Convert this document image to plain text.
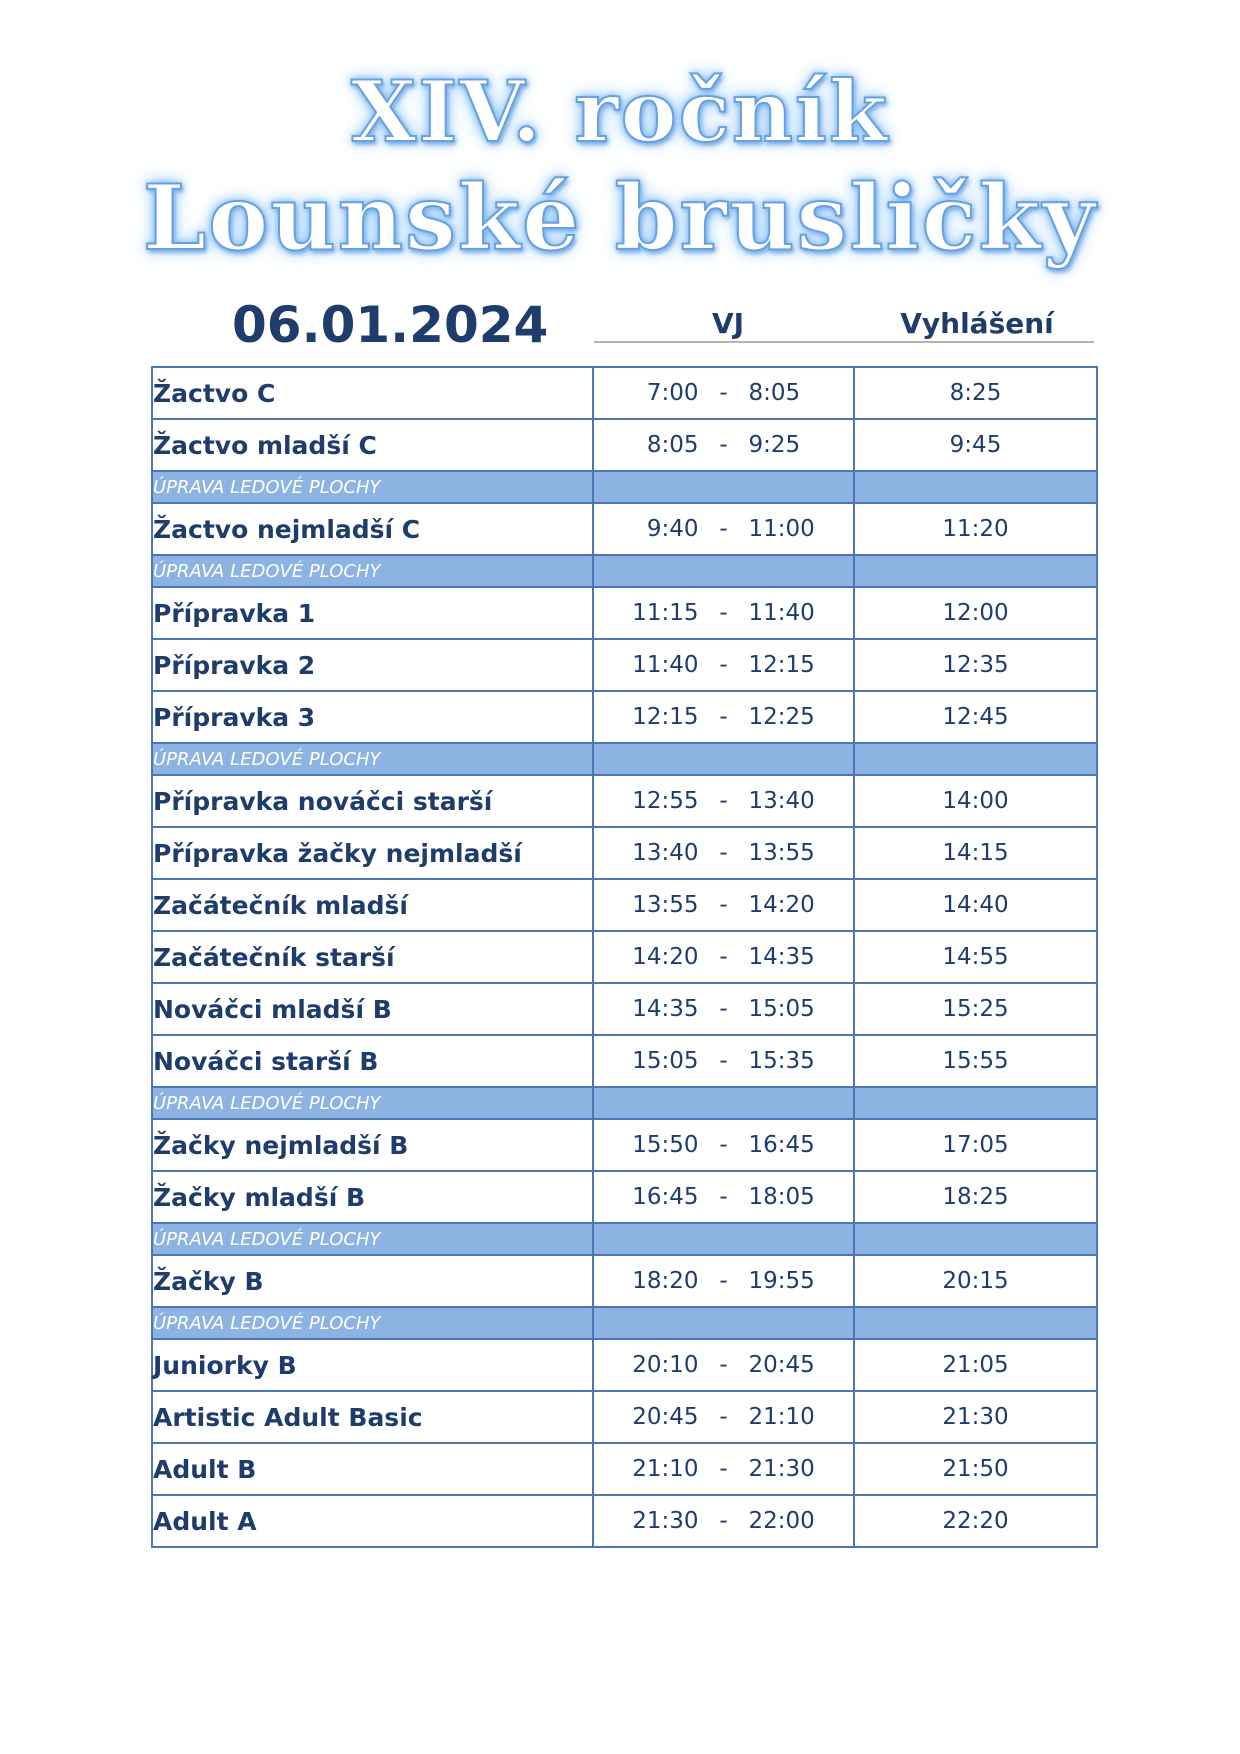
XIV. ročník
Lounské brusličky
06.01.2024	VJ	Vyhlášení
Žactvo C	7:00 - 8:05	8:25
Žactvo mladší C	8:05 - 9:25	9:45
ÚPRAVA LEDOVÉ PLOCHY		
Žactvo nejmladší C	9:40 - 11:00	11:20
ÚPRAVA LEDOVÉ PLOCHY		
Přípravka 1	11:15 - 11:40	12:00
Přípravka 2	11:40 - 12:15	12:35
Přípravka 3	12:15 - 12:25	12:45
ÚPRAVA LEDOVÉ PLOCHY		
Přípravka nováčci starší	12:55 - 13:40	14:00
Přípravka žačky nejmladší	13:40 - 13:55	14:15
Začátečník mladší	13:55 - 14:20	14:40
Začátečník starší	14:20 - 14:35	14:55
Nováčci mladší B	14:35 - 15:05	15:25
Nováčci starší B	15:05 - 15:35	15:55
ÚPRAVA LEDOVÉ PLOCHY		
Žačky nejmladší B	15:50 - 16:45	17:05
Žačky mladší B	16:45 - 18:05	18:25
ÚPRAVA LEDOVÉ PLOCHY		
Žačky B	18:20 - 19:55	20:15
ÚPRAVA LEDOVÉ PLOCHY		
Juniorky B	20:10 - 20:45	21:05
Artistic Adult Basic	20:45 - 21:10	21:30
Adult B	21:10 - 21:30	21:50
Adult A	21:30 - 22:00	22:20
